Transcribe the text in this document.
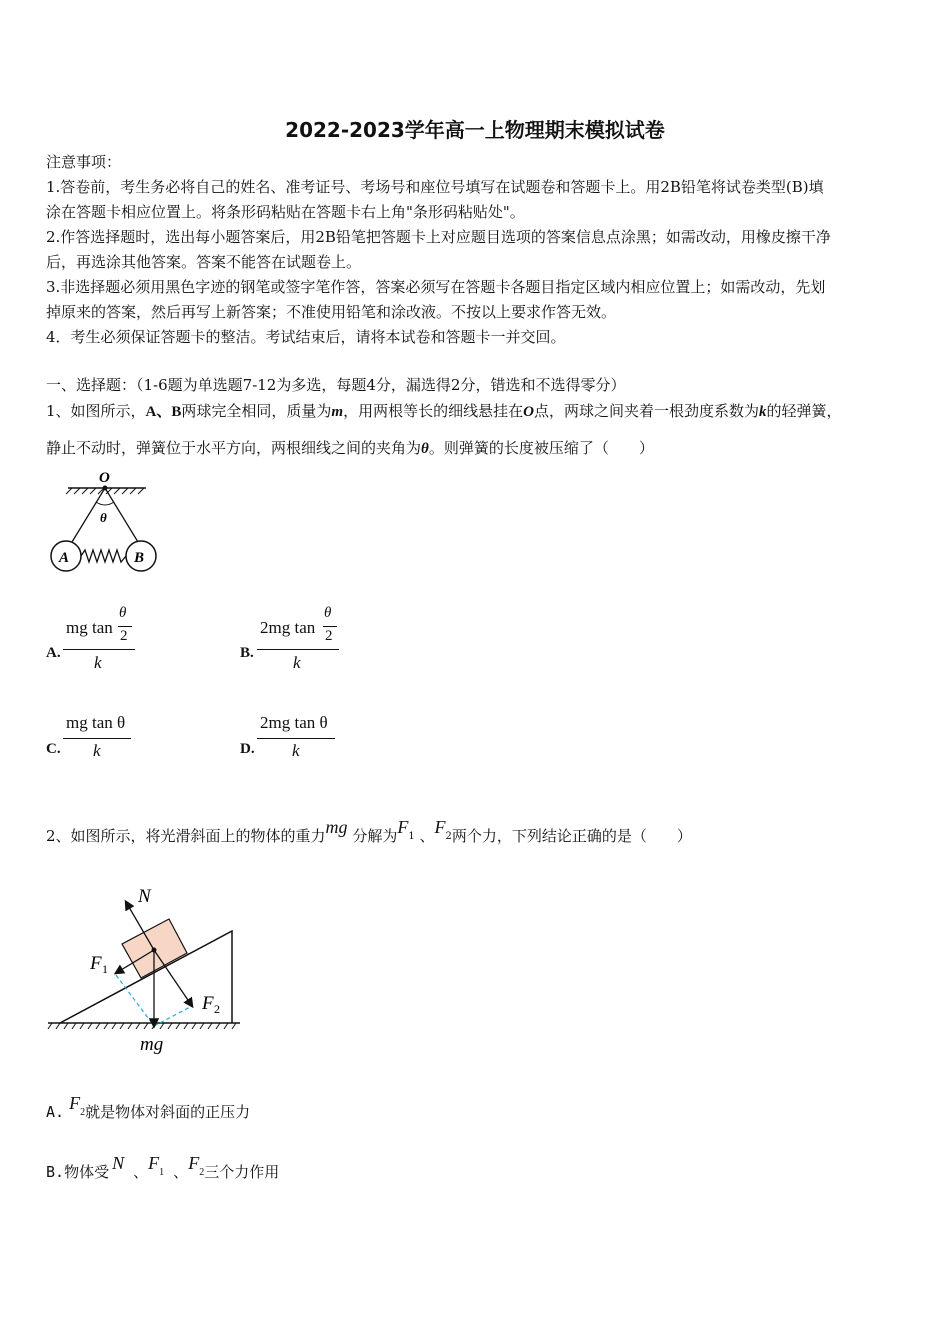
2022-2023学年高一上物理期末模拟试卷
注意事项：
1.答卷前，考生务必将自己的姓名、准考证号、考场号和座位号填写在试题卷和答题卡上。用2B铅笔将试卷类型(B)填
涂在答题卡相应位置上。将条形码粘贴在答题卡右上角"条形码粘贴处"。
2.作答选择题时，选出每小题答案后，用2B铅笔把答题卡上对应题目选项的答案信息点涂黑；如需改动，用橡皮擦干净
后，再选涂其他答案。答案不能答在试题卷上。
3.非选择题必须用黑色字迹的钢笔或签字笔作答，答案必须写在答题卡各题目指定区域内相应位置上；如需改动，先划
掉原来的答案，然后再写上新答案；不准使用铅笔和涂改液。不按以上要求作答无效。
4．考生必须保证答题卡的整洁。考试结束后，请将本试卷和答题卡一并交回。
一、选择题：（1-6题为单选题7-12为多选，每题4分，漏选得2分，错选和不选得零分）
1、如图所示，A、B两球完全相同，质量为m，用两根等长的细线悬挂在O点，两球之间夹着一根劲度系数为k的轻弹簧，
静止不动时，弹簧位于水平方向，两根细线之间的夹角为θ。则弹簧的长度被压缩了（　　）
O
θ
A	B
A.
mg tan
θ
2
k	B.
2mg tan
θ
2
k
C.
mg tan θ
k	D.
2mg tan θ
k
2、如图所示，将光滑斜面上的物体的重力mg 分解为$F_1$ 、$F_2$两个力，下列结论正确的是（　　）
N
F 1
F 2
mg
A. $F_2$就是物体对斜面的正压力
B.物体受 N 、$F_1$ 、$F_2$三个力作用
